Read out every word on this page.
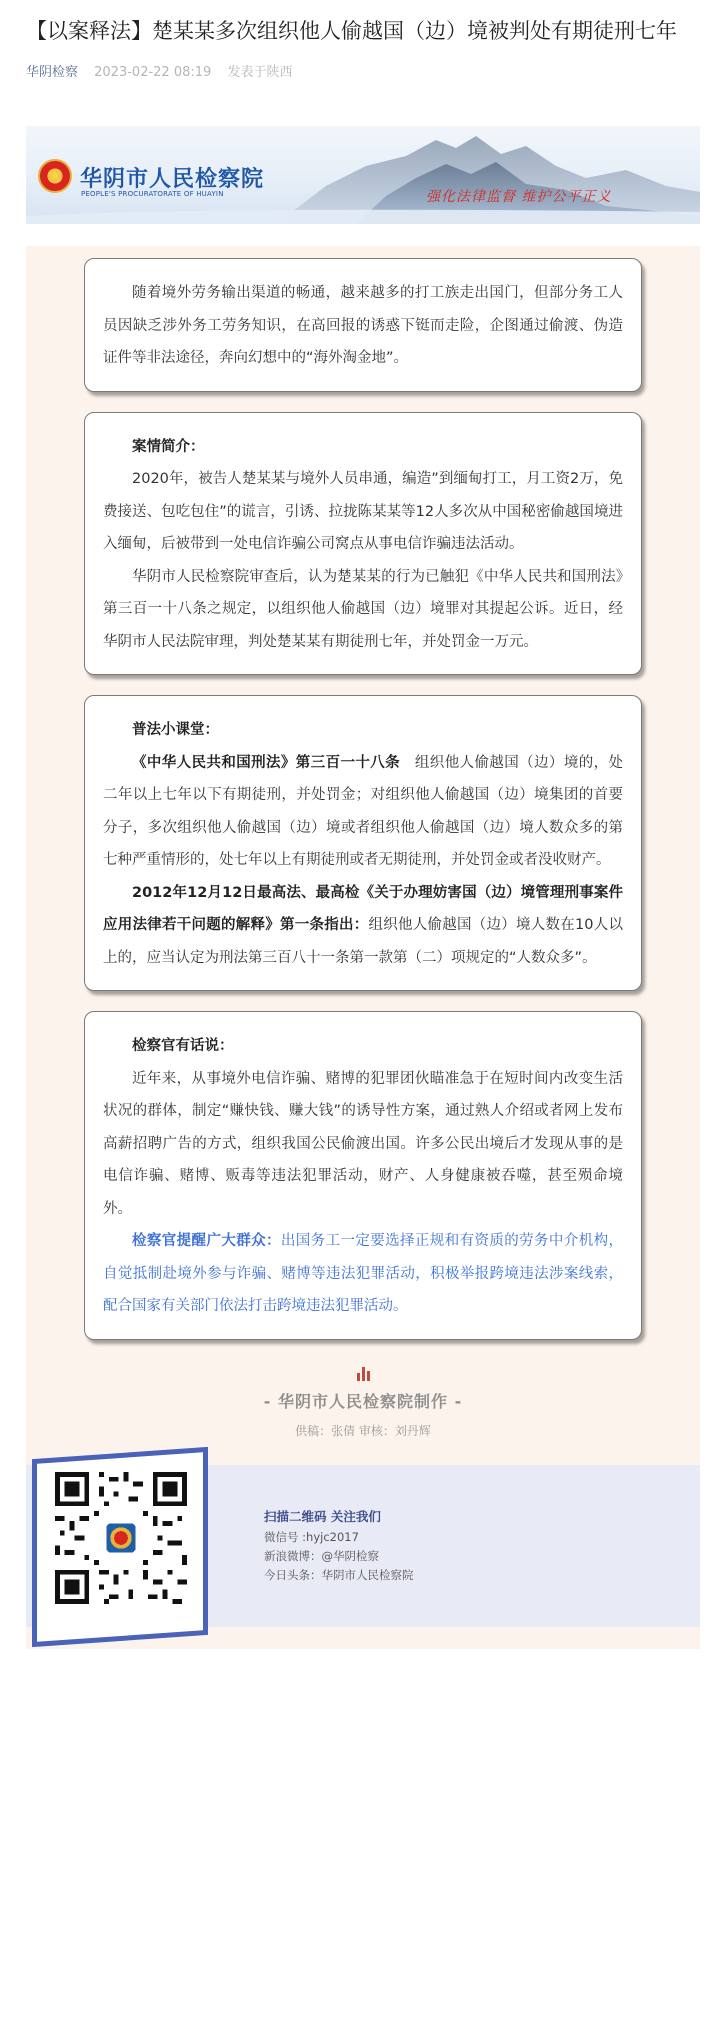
【以案释法】楚某某多次组织他人偷越国（边）境被判处有期徒刑七年
华阴检察 2023-02-22 08:19 发表于陕西
★
华阴市人民检察院
PEOPLE'S PROCURATORATE OF HUAYIN	强化法律监督 维护公平正义

随着境外劳务输出渠道的畅通，越来越多的打工族走出国门，但部分务工人员因缺乏涉外务工劳务知识，在高回报的诱惑下铤而走险，企图通过偷渡、伪造证件等非法途径，奔向幻想中的“海外淘金地”。

案情简介：

2020年，被告人楚某某与境外人员串通，编造”到缅甸打工，月工资2万，免费接送、包吃包住”的谎言，引诱、拉拢陈某某等12人多次从中国秘密偷越国境进入缅甸，后被带到一处电信诈骗公司窝点从事电信诈骗违法活动。

华阴市人民检察院审查后，认为楚某某的行为已触犯《中华人民共和国刑法》第三百一十八条之规定，以组织他人偷越国（边）境罪对其提起公诉。近日，经华阴市人民法院审理，判处楚某某有期徒刑七年，并处罚金一万元。

普法小课堂：

《中华人民共和国刑法》第三百一十八条　组织他人偷越国（边）境的，处二年以上七年以下有期徒刑，并处罚金；对组织他人偷越国（边）境集团的首要分子，多次组织他人偷越国（边）境或者组织他人偷越国（边）境人数众多的第七种严重情形的，处七年以上有期徒刑或者无期徒刑，并处罚金或者没收财产。

2012年12月12日最高法、最高检《关于办理妨害国（边）境管理刑事案件应用法律若干问题的解释》第一条指出：组织他人偷越国（边）境人数在10人以上的，应当认定为刑法第三百八十一条第一款第（二）项规定的“人数众多”。

检察官有话说：

近年来，从事境外电信诈骗、赌博的犯罪团伙瞄准急于在短时间内改变生活状况的群体，制定“赚快钱、赚大钱”的诱导性方案，通过熟人介绍或者网上发布高薪招聘广告的方式，组织我国公民偷渡出国。许多公民出境后才发现从事的是电信诈骗、赌博、贩毒等违法犯罪活动，财产、人身健康被吞噬，甚至殒命境外。

检察官提醒广大群众：出国务工一定要选择正规和有资质的劳务中介机构，自觉抵制赴境外参与诈骗、赌博等违法犯罪活动，积极举报跨境违法涉案线索，配合国家有关部门依法打击跨境违法犯罪活动。

- 华阴市人民检察院制作 -
供稿：张倩 审核：刘丹辉
扫描二维码 关注我们
微信号 :hyjc2017
新浪微博：@华阴检察
今日头条：华阴市人民检察院
